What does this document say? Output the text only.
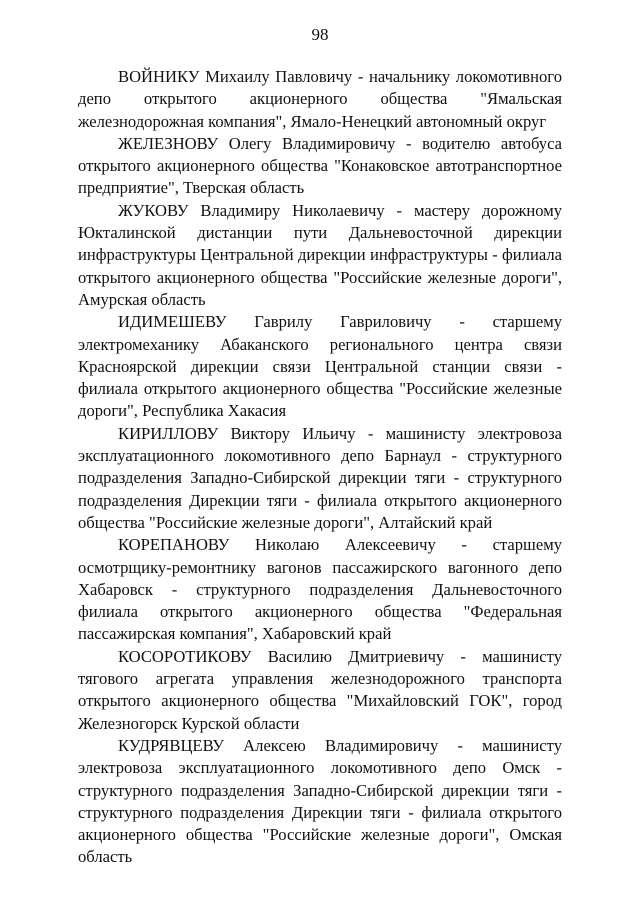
98

ВОЙНИКУ Михаилу Павловичу - начальнику локомотивного депо открытого акционерного общества "Ямальская железнодорожная компания", Ямало-Ненецкий автономный округ

ЖЕЛЕЗНОВУ Олегу Владимировичу - водителю автобуса открытого акционерного общества "Конаковское автотранспортное предприятие", Тверская область

ЖУКОВУ Владимиру Николаевичу - мастеру дорожному Юкталинской дистанции пути Дальневосточной дирекции инфраструктуры Центральной дирекции инфраструктуры - филиала открытого акционерного общества "Российские железные дороги", Амурская область

ИДИМЕШЕВУ Гаврилу Гавриловичу - старшему электромеханику Абаканского регионального центра связи Красноярской дирекции связи Центральной станции связи - филиала открытого акционерного общества "Российские железные дороги", Республика Хакасия

КИРИЛЛОВУ Виктору Ильичу - машинисту электровоза эксплуатационного локомотивного депо Барнаул - структурного подразделения Западно-Сибирской дирекции тяги - структурного подразделения Дирекции тяги - филиала открытого акционерного общества "Российские железные дороги", Алтайский край

КОРЕПАНОВУ Николаю Алексеевичу - старшему осмотрщику-ремонтнику вагонов пассажирского вагонного депо Хабаровск - структурного подразделения Дальневосточного филиала открытого акционерного общества "Федеральная пассажирская компания", Хабаровский край

КОСОРОТИКОВУ Василию Дмитриевичу - машинисту тягового агрегата управления железнодорожного транспорта открытого акционерного общества "Михайловский ГОК", город Железногорск Курской области

КУДРЯВЦЕВУ Алексею Владимировичу - машинисту электровоза эксплуатационного локомотивного депо Омск - структурного подразделения Западно-Сибирской дирекции тяги - структурного подразделения Дирекции тяги - филиала открытого акционерного общества "Российские железные дороги", Омская область
